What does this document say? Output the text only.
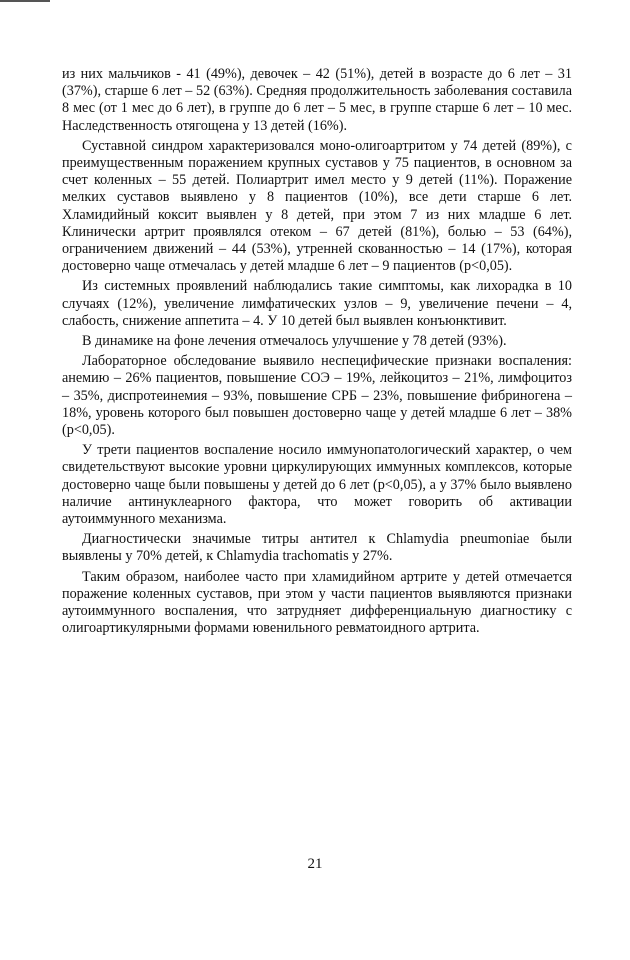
из них мальчиков - 41 (49%), девочек – 42 (51%), детей в возрасте до 6 лет – 31 (37%), старше 6 лет – 52 (63%). Средняя продолжительность заболевания составила 8 мес (от 1 мес до 6 лет), в группе до 6 лет – 5 мес, в группе старше 6 лет – 10 мес. Наследственность отягощена у 13 детей (16%).

Суставной синдром характеризовался моно-олигоартритом у 74 детей (89%), с преимущественным поражением крупных суставов у 75 пациентов, в основном за счет коленных – 55 детей. Полиартрит имел место у 9 детей (11%). Поражение мелких суставов выявлено у 8 пациентов (10%), все дети старше 6 лет. Хламидийный коксит выявлен у 8 детей, при этом 7 из них младше 6 лет. Клинически артрит проявлялся отеком – 67 детей (81%), болью – 53 (64%), ограничением движений – 44 (53%), утренней скованностью – 14 (17%), которая достоверно чаще отмечалась у детей младше 6 лет – 9 пациентов (p<0,05).

Из системных проявлений наблюдались такие симптомы, как лихорадка в 10 случаях (12%), увеличение лимфатических узлов – 9, увеличение печени – 4, слабость, снижение аппетита – 4. У 10 детей был выявлен конъюнктивит.

В динамике на фоне лечения отмечалось улучшение у 78 детей (93%).

Лабораторное обследование выявило неспецифические признаки воспаления: анемию – 26% пациентов, повышение СОЭ – 19%, лейкоцитоз – 21%, лимфоцитоз – 35%, диспротеинемия – 93%, повышение СРБ – 23%, повышение фибриногена – 18%, уровень которого был повышен достоверно чаще у детей младше 6 лет – 38% (p<0,05).

У трети пациентов воспаление носило иммунопатологический характер, о чем свидетельствуют высокие уровни циркулирующих иммунных комплексов, которые достоверно чаще были повышены у детей до 6 лет (p<0,05), а у 37% было выявлено наличие антинуклеарного фактора, что может говорить об активации аутоиммунного механизма.

Диагностически значимые титры антител к Chlamydia pneumoniae были выявлены у 70% детей, к Chlamydia trachomatis у 27%.

Таким образом, наиболее часто при хламидийном артрите у детей отмечается поражение коленных суставов, при этом у части пациентов выявляются признаки аутоиммунного воспаления, что затрудняет дифференциальную диагностику с олигоартикулярными формами ювенильного ревматоидного артрита.

21
